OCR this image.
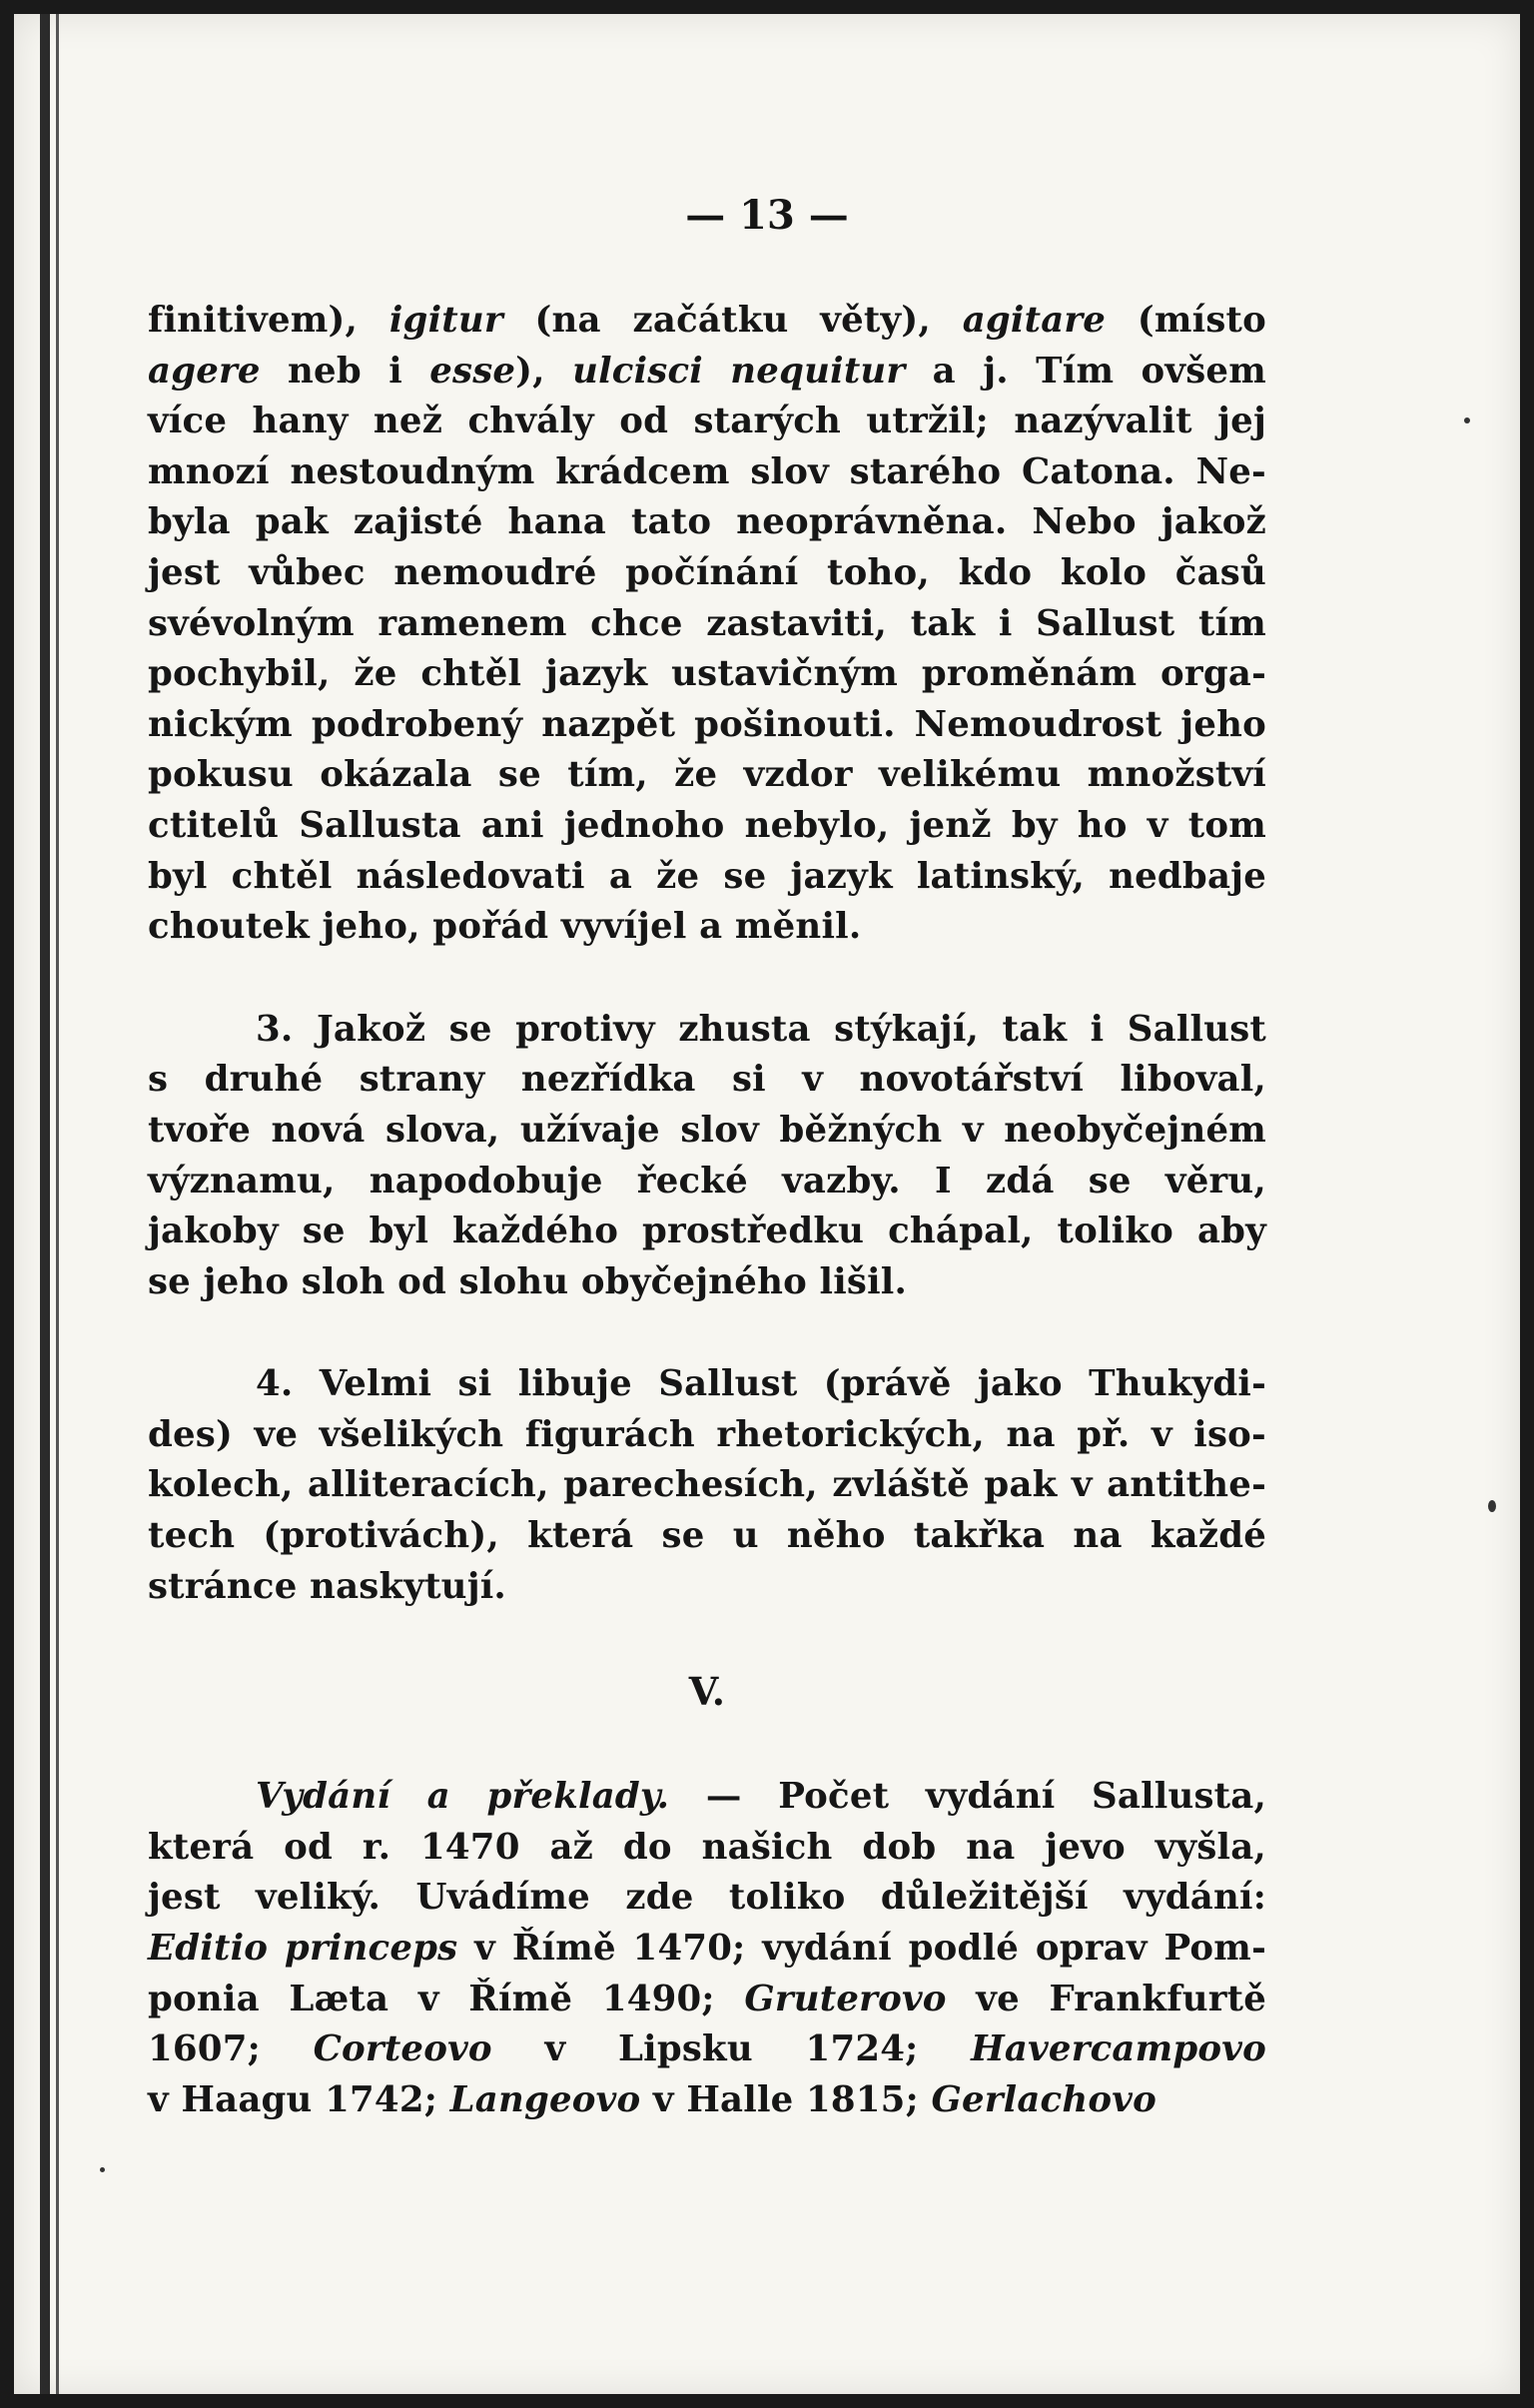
— 13 —

finitivem), igitur (na začátku věty), agitare (místo
agere neb i esse), ulcisci nequitur a j. Tím ovšem
více hany než chvály od starých utržil; nazývalit jej
mnozí nestoudným krádcem slov starého Catona. Ne-
byla pak zajisté hana tato neoprávněna. Nebo jakož
jest vůbec nemoudré počínání toho, kdo kolo časů
svévolným ramenem chce zastaviti, tak i Sallust tím
pochybil, že chtěl jazyk ustavičným proměnám orga-
nickým podrobený nazpět pošinouti. Nemoudrost jeho
pokusu okázala se tím, že vzdor velikému množství
ctitelů Sallusta ani jednoho nebylo, jenž by ho v tom
byl chtěl následovati a že se jazyk latinský, nedbaje
choutek jeho, pořád vyvíjel a měnil.

3. Jakož se protivy zhusta stýkají, tak i Sallust
s druhé strany nezřídka si v novotářství liboval,
tvoře nová slova, užívaje slov běžných v neobyčejném
významu, napodobuje řecké vazby. I zdá se věru,
jakoby se byl každého prostředku chápal, toliko aby
se jeho sloh od slohu obyčejného lišil.

4. Velmi si libuje Sallust (právě jako Thukydi-
des) ve všelikých figurách rhetorických, na př. v iso-
kolech, alliteracích, parechesích, zvláště pak v antithe-
tech (protivách), která se u něho takřka na každé
stránce naskytují.

V.

Vydání a překlady. — Počet vydání Sallusta,
která od r. 1470 až do našich dob na jevo vyšla,
jest veliký. Uvádíme zde toliko důležitější vydání:
Editio princeps v Římě 1470; vydání podlé oprav Pom-
ponia Læta v Římě 1490; Gruterovo ve Frankfurtě
1607; Corteovo v Lipsku 1724; Havercampovo
v Haagu 1742; Langeovo v Halle 1815; Gerlachovo
